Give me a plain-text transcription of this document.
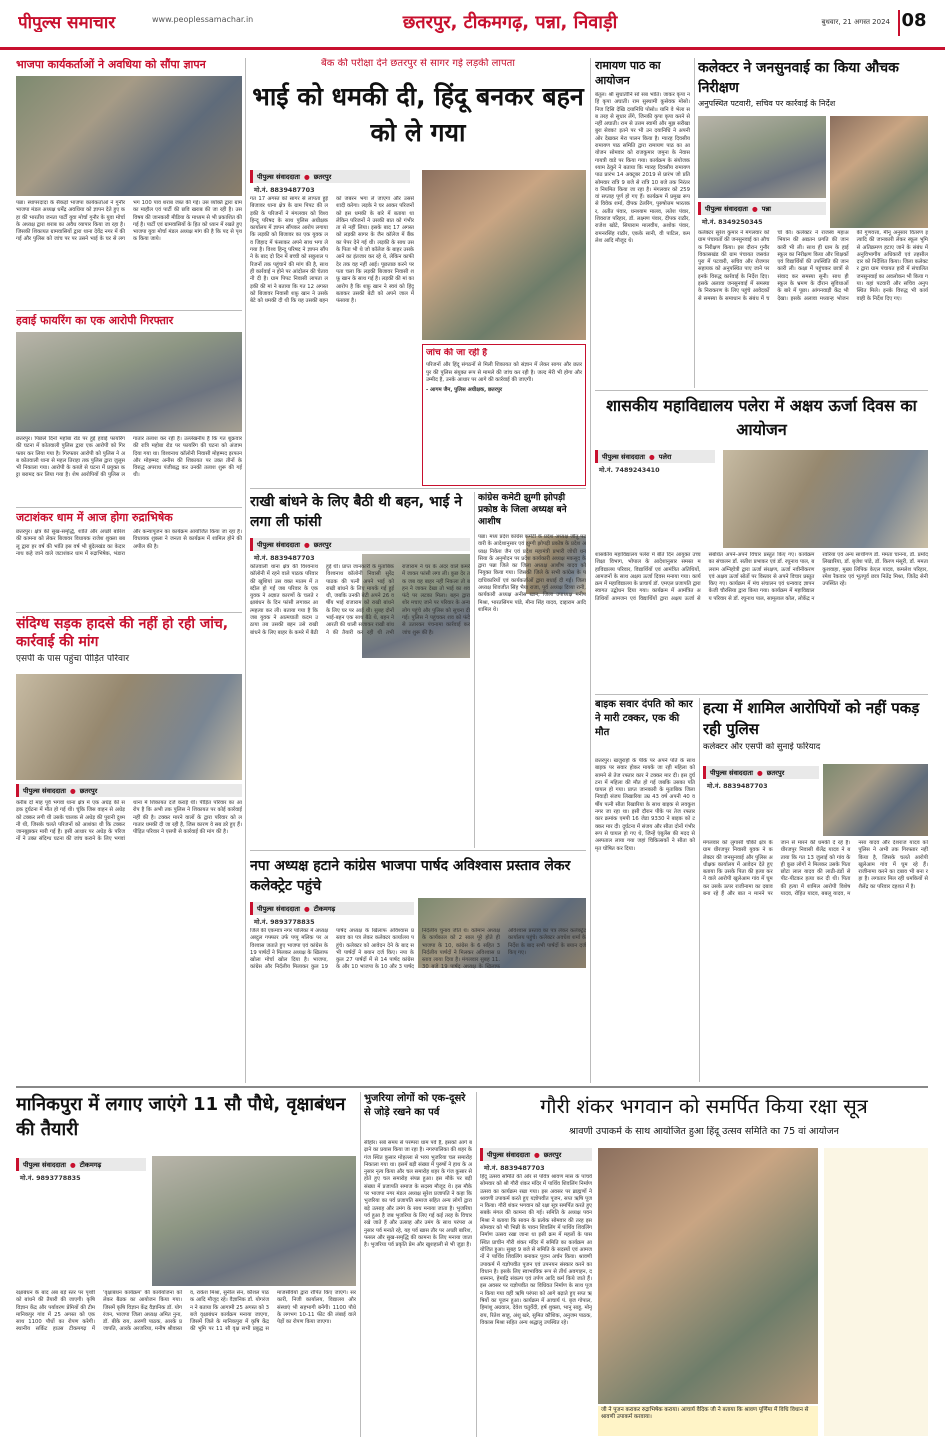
पीपुल्स समाचार	www.peoplessamachar.in	छतरपुर, टीकमगढ़, पन्ना, निवाड़ी	बुधवार, 21 अगस्त 2024 08
भाजपा कार्यकर्ताओं ने अवधिया को सौंपा ज्ञापन
पन्ना। स्थापरदादा के सैकड़ों भाजपा कार्यकर्ताओं ने गुनौर भाजपा मंडल अध्यक्ष धर्मेंद्र अवधिया को ज्ञापन देते हुए कहा की भारतीय जनता पार्टी युवा मोर्चा गुनौर के युवा मोर्चा के अध्यक्ष द्वारा शराब का अवैध व्यापार किया जा रहा है। जिसकी शिकायत ग्रामवासियों द्वारा थाना देवेंद्र नगर में की गई और पुलिस को जांच पर पर उसने भाई के घर से लगभग 100 पाव शराब जब्त की गई। उस व्यक्ति द्वारा ग्राम का माहौल एवं पार्टी की छवि खराब की जा रही है। उस विषय की जानकारी मीडिया के माध्यम से भी प्रकाशित की गई है। पार्टी एवं ग्रामवासियों के हित को ध्यान में रखते हुए भाजपा युवा मोर्चा मंडल अध्यक्ष मांग की है कि पद से पृथक किया जाये।
हवाई फायरिंग का एक आरोपी गिरफ्तार
छतरपुर। पिछले दिनों महोबा रोड पर हुई हवाई फायरिंग की घटना में कोतवाली पुलिस द्वारा एक आरोपी को गिरफ्तार कर लिया गया है। गिरफ्तार आरोपी को पुलिस ने अब कोतवाली थाना से महल तिराहा तक पुलिस द्वारा जुलूस भी निकाला गया। आरोपी के कब्जे से घटना में प्रयुक्त कट्टा बरामद कर लिया गया है। शेष आरोपियों की पुलिस लगातार तलाश कर रही है। उल्लेखनीय है कि गत शुक्रवार की रात्रि महोबा रोड पर फायरिंग की घटना को अंजाम दिया गया था। विश्वनाथ कॉलोनी निवासी मोहम्मद इरफान और मोहम्मद अनीस की शिकायत पर उक्त तीनों के विरुद्ध अपराध पंजीबद्ध कर उनकी तलाश शुरू की गई थी।
जटाशंकर धाम में आज होगा रुद्राभिषेक
छतरपुर। क्षेत्र की सुख-समृद्धि, शांति और अच्छी बारिश की कामना को लेकर बिजावर विधायक राजेश शुक्ला बबलू द्वारा हर वर्ष की भांति इस वर्ष भी बुंदेलखंड का केदारनाथ कहे जाने वाले जटाशंकर धाम में रुद्राभिषेक, भंडारा और कन्यापूजन का कार्यक्रम आयोजित किया जा रहा है। विधायक शुक्ला ने जनता से कार्यक्रम में शामिल होने की अपील की है।
संदिग्ध सड़क हादसे की नहीं हो रही जांच, कार्रवाई की मांग
एसपी के पास पहुंचा पीड़ित परिवार
पीपुल्स संवाददाता ● छतरपुर
करीब दो माह पूर्व भगवां थाना क्षेत्र में एक अधेड़ की सड़क दुर्घटना में मौत हो गई थी। चूंकि जिस वाहन से अधेड़ को टक्कर लगी थी उसके चालक से अधेड़ की पुरानी दुश्मनी थी, जिसके चलते परिजनों को आशंका थी कि टक्कर जानबूझकर मारी गई है। इसी आधार पर अधेड़ के परिजनों ने उक्त संदिग्ध घटना की जांच कराने के लिए भगवां थाना में शिकायत दर्ज कराई थी। पीड़ित परिवार का आरोप है कि अभी तक पुलिस ने शिकायत पर कोई कार्रवाई नहीं की है। टक्कर मारने वालों के द्वारा परिवार को लगातार धमकी दी जा रही है, जिस कारण वे सब डरे हुए हैं। पीड़ित परिवार ने एसपी से कार्रवाई की मांग की है।
बैंक की परीक्षा देने छतरपुर से सागर गई लड़की लापता
भाई को धमकी दी, हिंदू बनकर बहन को ले गया
पीपुल्स संवाददाता ● छतरपुर
मो.नं. 8839487703
गत 17 अगस्त को सागर से लापता हुई बिजावर थाना क्षेत्र के ग्राम पिपट की लड़की के परिजनों ने मंगलवार को विश्व हिन्दू परिषद के साथ पुलिस अधीक्षक कार्यालय में ज्ञापन सौंपकर आरोप लगाया कि लड़की को बिजावर का एक युवक लव जिहाद में फंसाकर अपने साथ भगा ले गया है। विश्व हिन्दू परिषद ने ज्ञापन सौंपने के बाद दो दिन में बच्ची को सकुशल परिजनों तक पहुंचाने की मांग की है, साथ ही कार्रवाई न होने पर आंदोलन की चेतावनी दी है। ग्राम पिपट निवासी लापता लड़की की मां ने बताया कि गत 12 अगस्त को बिजावर निवासी शफ़ू खान ने उसके बेटे को धमकी दी थी कि यह उसकी बहन को जबरन भगा ले जाएगा और उससे शादी करेगा। लड़के ने घर आकर परिजनों को इस धमकी के बारे में बताया था लेकिन परिजनों ने उसकी बात को गंभीरता से नहीं लिया। इसके बाद 17 अगस्त को लड़की सागर के जैन कॉलेज में बैंक का पेपर देने गई थी। लड़की के साथ उसके पिता भी थे जो कॉलेज के बाहर उसके आने का इंतजार कर रहे थे, लेकिन काफी देर तक वह नहीं आई। पूछताछ करने पर पता चला कि लड़की बिजावर निवासी शफ़ू खान के साथ गई है। लड़की की मां का आरोप है कि शफ़ू खान ने स्वयं को हिंदू बताकर उसकी बेटी को अपने जाल में फंसाया है।
जांच की जा रही है
परिजनों और हिंदू संगठनों से मिली शिकायत को संज्ञान में लेकर सागर और छतरपुर की पुलिस संयुक्त रूप से मामले की जांच कर रही है। जल्द मेरी भी होगा और उम्मीद है, उनके आधार पर आगे की कार्रवाई की जाएगी।
- आगम जैन, पुलिस अधीक्षक, छतरपुर
राखी बांधने के लिए बैठी थी बहन, भाई ने लगा ली फांसी
पीपुल्स संवाददाता ● छतरपुर
मो.नं. 8839487703
कोतवाली थाना क्षेत्र की विश्वनाथ कॉलोनी में रहने वाले पाठक परिवार की खुशियां उस वक्त मातम में तब्दील हो गईं जब परिवार के एक युवक ने अज्ञात कारणों के चलते रक्षाबंधन के दिन फांसी लगाकर आत्महत्या कर ली। बताया गया है कि जब युवक ने आत्मघाती कदम उठाया तब उसकी बहन उसे राखी बांधने के लिए बाहर के कमरे में बैठी हुई थी। प्राप्त जानकारी के मुताबिक विश्वनाथ कॉलोनी निवासी सुरेंद्र पाठक की पत्नी अपने भाई को राखी बांधने के लिए मायके गई हुई थी, जबकि उनकी बेटी अपने 26 वर्षीय भाई राजाराम को राखी बांधने के लिए घर पर आई थी। सुबह दोनों भाई-बहन एक साथ बैठे थे, बहन ने आरती की थाली सजाकर राखी बांधने की तैयारी कर रही थी तभी राजाराम ने घर के अंदर वाले कमरे में जाकर फांसी लगा ली। कुछ देर तक जब वह बाहर नहीं निकला तो बहन ने जाकर देखा तो भाई का शव फंदे पर लटका मिला। बहन द्वारा शोर मचाए जाने पर परिवार के अन्य लोग पहुंचे और पुलिस को सूचना दी गई। पुलिस ने पहुंचकर शव को फंदे से उतारकर पंचनामा कार्रवाई कर जांच शुरू की है।
कांग्रेस कमेटी झुग्गी झोपड़ी प्रकोष्ठ के जिला अध्यक्ष बने आशीष
पन्ना। मध्य प्रदेश कांग्रेस कमेटी के प्रदेश अध्यक्ष जीतू पटवारी के आदेशानुसार एवं झुग्गी झोपड़ी प्रकोष्ठ के प्रदेश अध्यक्ष निकेश जैन एवं प्रदेश महामंत्री प्रभारी जोधी धनसिया के अनुमोदन पर प्रदेश कार्यकारी अध्यक्ष मकसूद के द्वारा पन्ना जिले का जिला अध्यक्ष आशीष यादव को नियुक्त किया गया। जिसकी जिले के सभी कांग्रेस के पदाधिकारियों एवं कार्यकर्ताओं द्वारा बधाई दी गई। जिला अध्यक्ष शिवजीत सिंह भैया राजा, पूर्व अध्यक्ष दिव्या रानी, कार्यकारी अध्यक्ष अनीस खान, जिला उपाध्यक्ष मनीष मिश्रा, भारतसिंगम पांडे, मीना सिंह यादव, दाद्दाराम आदि शामिल थे।
नपा अध्यक्ष हटाने कांग्रेस भाजपा पार्षद अविश्वास प्रस्ताव लेकर कलेक्ट्रेट पहुंचे
पीपुल्स संवाददाता ● टीकमगढ़
मो.नं. 9893778835
जिले की एकमात्र नगर पालिका में अध्यक्ष अब्दुल गफ्फार उर्फ पप्पू मलिक पर अविश्वास जताते हुए भाजपा एवं कांग्रेस के 19 पार्षदों ने मिलकर अध्यक्ष के खिलाफ खोला मोर्चा खोल दिया है। भाजपा, कांग्रेस और निर्दलीय मिलाकर कुल 19 पार्षद अध्यक्ष के खिलाफ अविश्वास प्रस्ताव का पत्र लेकर कलेक्टर कार्यालय पहुंचे। कलेक्टर को आवेदन देने के बाद सभी पार्षदों ने बयान दर्ज किए। नपा के कुल 27 पार्षदों में से 14 पार्षद कांग्रेस के और 10 भाजपा के 10 और 3 पार्षद निर्दलीय चुनाव जीते थे। वर्तमान अध्यक्ष के कार्यकाल को 2 साल पूरे होते ही भाजपा के 10, कांग्रेस के 6 सहित 3 निर्दलीय पार्षदों ने मिलकर अविश्वास प्रस्ताव लाया दिया है। मंगलवार सुबह 11.30 बजे 19 पार्षद अध्यक्ष के खिलाफ अविश्वास प्रस्ताव का पत्र लेकर कलेक्ट्रेट कार्यालय पहुंचे। कलेक्टर अवधेश शर्मा के निर्देश के बाद सभी पार्षदों के बयान दर्ज किए गए।
रामायण पाठ का आयोजन
बेतूल। श्री सुधार्तीनि सो सब भांति। जाकर कृपा नहिं कृपा अघाती। राम सुस्थामी कुसेवक मोसो। निज दिसि देखि दयानिधि पोसो॥ यानि वे भेला सब तरह से सुधार लेंगे, जिनकी कृपा कृपा करने से नहीं अघाती। राम से उत्तम स्वामी और मुझ सरीखा बुरा सेवक! इतने पर भी उन दयानिधि ने अपनी ओर देखकर मेरा पालन किया है। ग्यारह दिवसीय रामायण पाठ समिति द्वारा रामायण पाठ का आयोजन सोमवार को राजकुमार जमुना के नेवास गायत्री वाडे पर किया गया। कार्यक्रम के संयोजक श्याम ठेकुरे ने बताया कि ग्यारह दिवसीय रामायण पाठ प्रारंभ 14 अक्टूबर 2019 से प्रारंभ जो प्रति सोमवार रात्रि 9 बजे से रात्रि 10 बजे तक निरंतर व नियमित किया जा रहा है। मंगलवार को 259 वां सप्ताह पूर्ण हो गए हैं। कार्यक्रम में प्रमुख रूप से विवेक शर्मा, दीपक टेलरिंग, पुरुषोत्तम भारतकर, अतीत पंवार, धनश्याम मालव, लतेश पंवार, शिवराज परिहार, डॉ. लक्ष्मण पंवार, दीपक राठौर, राजेश खोटे, सियाराम मालवीय, अशोक पंवार, रामनरसिंह राठौर, एकके सानी, वी पाटिल, कमलेश आदि मौजूद थे।
कलेक्टर ने जनसुनवाई का किया औचक निरीक्षण
अनुपस्थित पटवारी, सचिव पर कार्रवाई के निर्देश
पीपुल्स संवाददाता ● पन्ना
मो.नं. 8349250345
कलेक्टर सुरेश कुमार ने मंगलवार को ग्राम पंचायतों की जनसुनवाई का औचक निरीक्षण किया। इस दौरान गुनौर विकासखंड की ग्राम पंचायत जसवंतपुरा में पटवारी, सचिव और रोजगार सहायक को अनुपस्थित पाए जाने पर इनके विरुद्ध कार्रवाई के निर्देश दिए। इसके अलावा जनसुनवाई में समस्या के निराकरण के लिए पहुंचे आवेदकों से समस्या के समाधान के संबंध में चर्चा की। कलेक्टर ने राजस्व महाअभियान की अद्यतन प्रगति की जानकारी भी ली। साथ ही ग्राम के हाईस्कूल का निरीक्षण किया और शिक्षकों एवं विद्यार्थियों की उपस्थिति की जानकारी ली। कक्षा में पहुंचकर छात्रों से संवाद कर समस्या सुनी। साथ ही स्कूल के भ्रमण के दौरान सुविधाओं के बारे में पूछा। आंगनवाड़ी केंद्र भी देखा। इसके अलावा मध्यान्ह भोजन की गुणवत्ता, मीनू अनुसार वितरण इत्यादि की जानकारी लेकर स्कूल भूमि से अतिक्रमण हटाए जाने के संबंध में अनुविभागीय अधिकारी एवं तहसीलदार को निर्देशित किया। जिला कलेक्टर द्वारा ग्राम पंचायत हारी में संचालित जनसुनवाई का अवलोकन भी किया गया। यहां पटवारी और सचिव अनुपस्थित मिले। इनके विरुद्ध भी कार्यवाही के निर्देश दिए गए।
शासकीय महाविद्यालय पलेरा में अक्षय ऊर्जा दिवस का आयोजन
पीपुल्स संवाददाता ● पलेरा
मो.नं. 7489243410
शासकीय महाविद्यालय पलेरा में बीते दिन आयुक्त उच्च शिक्षा विभाग, भोपाल के आदेशानुसार समस्त महाविद्यालय परिवार, विद्यार्थियों एवं आमंत्रित अतिथियों, आमजनों के साथ अक्षय ऊर्जा दिवस मनाया गया। कार्यक्रम में महाविद्यालय के प्राचार्य डॉ. एमएल प्रजापति द्वारा स्वागत उद्बोधन दिया गया। कार्यक्रम में आमंत्रित अतिथियों आमजन एवं विद्यार्थियों द्वारा अक्षय ऊर्जा से संबंधित अपने-अपने विचार प्रस्तुत किए गए। कार्यक्रम का संचालन डॉ. सतीश प्रभाकर एवं डॉ. रघुनाथ पाल, बलराम अग्निहोत्री द्वारा ऊर्जा संरक्षण, ऊर्जा नवीनीकरण एवं अक्षय ऊर्जा स्रोतों पर विस्तार से अपने विचार प्रस्तुत किए गए। कार्यक्रम में मंच संचालन एवं धन्यवाद ज्ञापन केजी चौरसिया द्वारा किया गया। कार्यक्रम में महाविद्यालय परिवार से डॉ. रघुनाथ पाल, सामूलाल कोल, लोकेंद्र नरवरिया एवं अन्य साथीगण डॉ. ममता चानना, डॉ. प्रमोद लिखारिया, डॉ. बृजेश पांडे, डॉ. किरण मंसूरी, डॉ. ममता कुशवाहा, मुख्य लिपिक केएल यादव, कमलेश परिहार, रमेश रैकवार एवं भूतपूर्व छात्र नितेंद्र मिश्रा, जितेंद्र सेनी उपस्थित रहे।
बाइक सवार दंपति को कार ने मारी टक्कर, एक की मौत
छतरपुर। खजुराहो के पीके पर अपने पति के साथ बाइक पर सवार होकर मायके जा रही महिला को सामने से तेज रफ्तार कार ने टक्कर मार दी। इस दुर्घटना में महिला की मौत हो गई जबकि उसका पति घायल हो गया। प्राप्त जानकारी के मुताबिक जिला निवाड़ी संजय लिखारिया उम्र 43 वर्ष अपनी 40 वर्षीय पत्नी सीता रिखारिया के साथ बाइक से लवकुशनगर जा रहा था। इसी दौरान पीके पर तेज रफ्तार कार क्रमांक एमपी 16 जेडा 9330 ने बाइक को टक्कर मार दी। दुर्घटना में संजय और सीता दोनों गंभीर रूप से घायल हो गए थे, जिन्हें एंबुलेंस की मदद से अस्पताल लाया गया जहां चिकित्सकों ने सीता को मृत घोषित कर दिया।
हत्या में शामिल आरोपियों को नहीं पकड़ रही पुलिस
कलेक्टर और एसपी को सुनाई फरियाद
पीपुल्स संवाददाता ● छतरपुर
मो.नं. 8839487703
मंगलवार को लुगासी चौकी क्षेत्र के ग्राम धीरजपुर निवासी युवक ने कलेक्टर की जनसुनवाई और पुलिस अधीक्षक कार्यालय में आवेदन देते हुए बताया कि उसके पिता की हत्या करने वाले आरोपी खुलेआम गांव में घूमकर उसके ऊपर राजीनामा का दबाव बना रहे हैं और बात न मानने पर जान से मारने की धमकी दे रहे हैं। धीरजपुर निवासी शैलेंद्र यादव ने बताया कि गत 13 जुलाई को गांव के ही कुछ लोगों ने मिलकर उसके पिता छोटा लाल यादव की लाठी-डंडों से पीट-पीटकर हत्या कर दी थी। पिता की हत्या में शामिल आरोपी विशेष यादव, रोहित यादव, बबलू यादव, मनसा यादव और देशराज यादव को पुलिस ने अभी तक गिरफ्तार नहीं किया है, जिसके चलते आरोपी खुलेआम गांव में घूम रहे हैं। राजीनामा करने का दबाव भी बना रहा है। लगातार मिल रही धमकियों से शैलेंद्र का परिवार दहशत में है।
मानिकपुरा में लगाए जाएंगे 11 सौ पौधे, वृक्षाबंधन की तैयारी
पीपुल्स संवाददाता ● टीकमगढ़
मो.नं. 9893778835
रक्षाबंधन के बाद अब बड़े स्तर पर पृथ्वी को बांधने की तैयारी की जाएगी। कृषि विज्ञान केंद्र और पर्यावरण प्रेमियों की टीम मानिकपुर गांव में 25 अगस्त को एक साथ 1100 पौधों का रोपण करेगी। स्थानीय सर्किट हाउस टीकमगढ़ में 'वृक्षाबंधन कार्यक्रम' की कार्ययोजना को लेकर बैठक का आयोजन किया गया। जिसमें कृषि विज्ञान केंद्र वैज्ञानिक डॉ. योगरंजन, भाजपा जिला अध्यक्ष अमित नुना, डॉ. बीके राय, अरुणी पाठक, आरके प्रजापति, आरके अरजरिया, मनीष श्रीवास्तव, राकेश मिश्रा, सुनील सेन, कौशल पाठक आदि मौजूद रहे। वैज्ञानिक डॉ. योगरंजन ने बताया कि आगामी 25 अगस्त को 3 बजे वृक्षाबंधन कार्यक्रम मनाया जाएगा, जिसमें जिले के मानिकपुरा में कृषि केंद्र की भूमि पर 11 सौ वृक्ष सभी प्रबुद्ध समाजसेवियों द्वारा रोपित किए जाएंगे। सरकारी, निजी कार्यालय, विद्यालय और संस्थाएं भी सहभागी बनेंगी। 1100 पौधे के लगभग 10-11 फीट की लंबाई वाले पेड़ों का रोपण किया जाएगा।
भुजरिया लोगों को एक-दूसरे से जोड़े रखने का पर्व
सीहोर। सबे समय से परम्परा धाम पर्व है, इसको आगे बढ़ाने का प्रयास किया जा रहा है। नगरपालिका की शहर के गंज स्थित कुसार मोहल्ला से भव्य भुजरिया चल समारोह निकाला गया था। इसमें बड़ी संख्या में पुरुषों ने हाथ के अनुसार नृत्य किया और चल समारोह शहर के गंज कुसार से होते हुए चल समारोह संपन्न हुआ। इस मौके पर बड़ी संख्या में प्रजापति समाज के सदस्य मौजूद थे। इस मौके पर भाजपा नगर मंडल अध्यक्ष सुरेश प्रजापति ने कहा कि भुजरिया का पर्व प्रजापति समाज सहित अन्य लोगों द्वारा बड़े उत्साह और उमंग के साथ मनाया जाता है। भुजरिया पर्व हुआ है जब भुजरिया के लिए गई कई तरह के विचार रखे जाते हैं और उत्साह और उमंग के साथ परंपरा अनुसार पर्व मनाते रहे, यह पर्व खास तौर पर अच्छी बारिश, फसल और सुख-समृद्धि की कामना के लिए मनाया जाता है। भुजरिया पर्व प्रकृति प्रेम और खुशहाली से भी जुड़ा है।
गौरी शंकर भगवान को समर्पित किया रक्षा सूत्र
श्रावणी उपाकर्म के साथ आयोजित हुआ हिंदू उत्सव समिति का 75 वां आयोजन
पीपुल्स संवाददाता ● छतरपुर
मो.नं. 8839487703
हिंदू उत्सव समिति की ओर से पवित्र श्रावण मास के पांचवें सोमवार को श्री गौरी शंकर मंदिर में पार्थिव शिवलिंग निर्माण उत्सव का कार्यक्रम रखा गया। इस अवसर पर ब्राह्मणों ने श्रावणी उपाकर्म करते हुए यज्ञोपवीत पूजन, सप्त ऋषि पूजन किया। गौरी शंकर भगवान को रक्षा सूत्र समर्पित करते हुए सबके मंगल की कामना की गई। समिति के अध्यक्ष पवन मिश्रा ने बताया कि सावन के प्रत्येक सोमवार की तरह इस सोमवार को भी भिन्नी के पावन शिवलिंग में पार्थिव शिवलिंग निर्माण उत्सव रखा जाना था इसी क्रम में महलों के पास स्थित प्राचीन गौरी शंकर मंदिर में समिति का कार्यक्रम आयोजित हुआ। सुबह 9 बजे से समिति के सदस्यों एवं आमजनों ने पार्थिव शिवलिंग बनाकर पूजन अर्चन किया। श्रावणी उपाकर्म में यज्ञोपवीत पूजन एवं उपनयन संस्कार करने का विधान है। इसके लिए स्वाभाविक रूप से तीर्थ अवगाहन, दशस्नान, हेमाद्रि संकल्प एवं तर्पण आदि कर्म किये जाते हैं। इस अवसर पर यज्ञोपवीत का विधिवत निर्माण के साथ पूजन किया गया वहीं ऋषि परंपरा को आगे बढ़ाते हुए सप्त ऋषियों का पूजन हुआ। कार्यक्रम में आचार्य पं. बृज गोपाल, हिमांशु अग्रवाल, देवेश चतुर्वेदी, हर्ष शुक्ला, भानु साहू, मोनू राय, रितेश साहू, अंशू खरे, सुमित कौशिक, अनुजम पाठक, विकास मिश्रा सहित अन्य श्रद्धालु उपस्थित रहे।
जी ने पूजन कराकर रुद्राभिषेक कराया। आचार्य वैदिक जी ने बताया कि श्रावण पूर्णिमा में विधि विधान से श्रावणी उपाकर्म करवाया।
